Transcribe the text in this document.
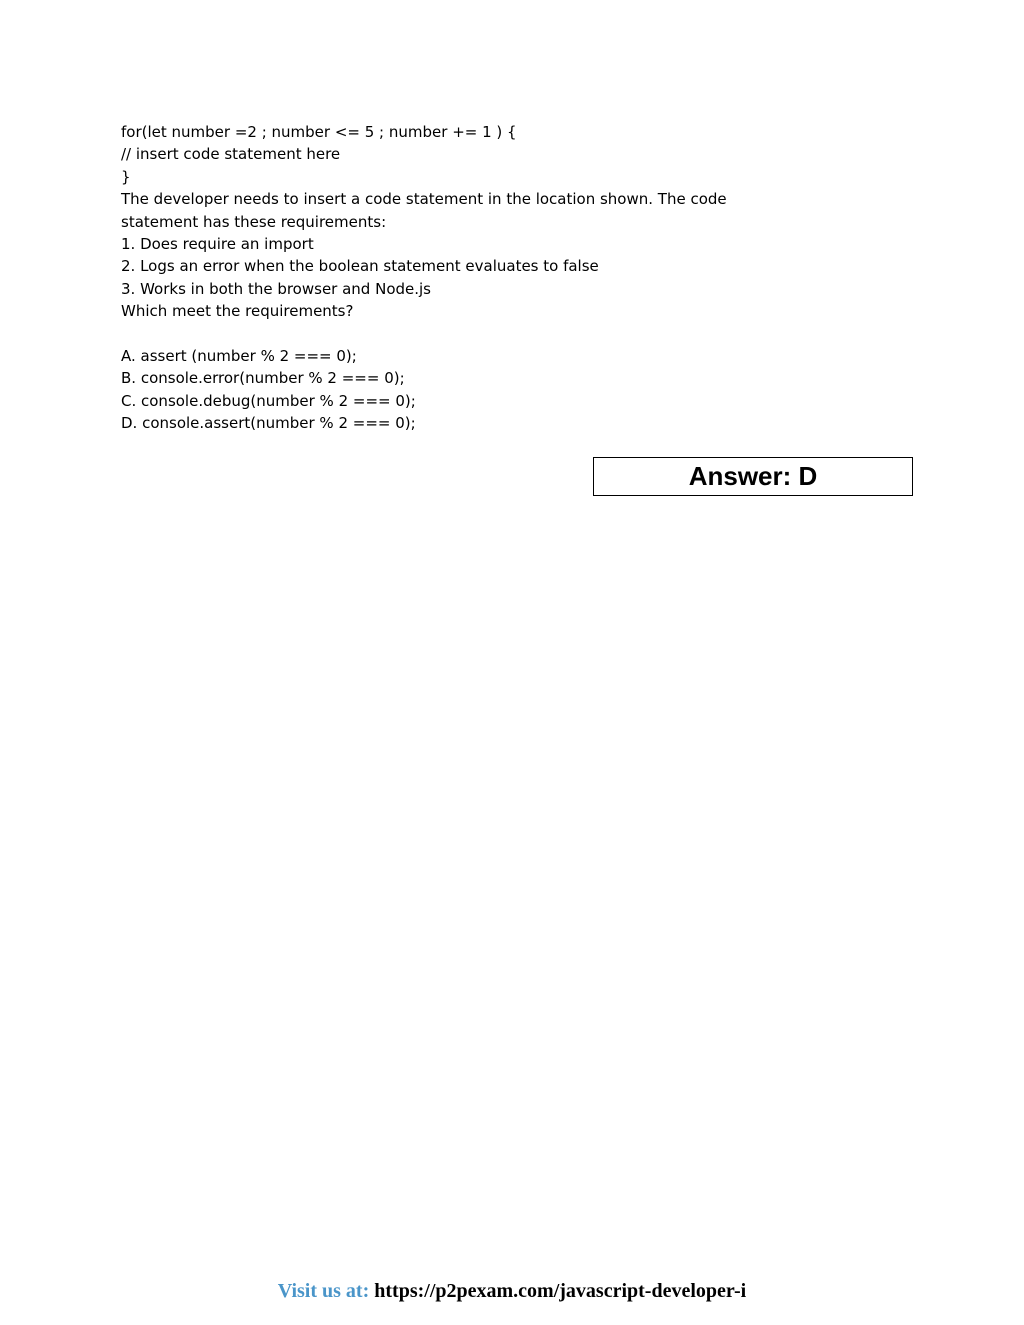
for(let number =2 ; number <= 5 ; number += 1 ) {
// insert code statement here
}
The developer needs to insert a code statement in the location shown. The code
statement has these requirements:
1. Does require an import
2. Logs an error when the boolean statement evaluates to false
3. Works in both the browser and Node.js
Which meet the requirements?
A. assert (number % 2 === 0);
B. console.error(number % 2 === 0);
C. console.debug(number % 2 === 0);
D. console.assert(number % 2 === 0);
Answer: D
Visit us at: https://p2pexam.com/javascript-developer-i
